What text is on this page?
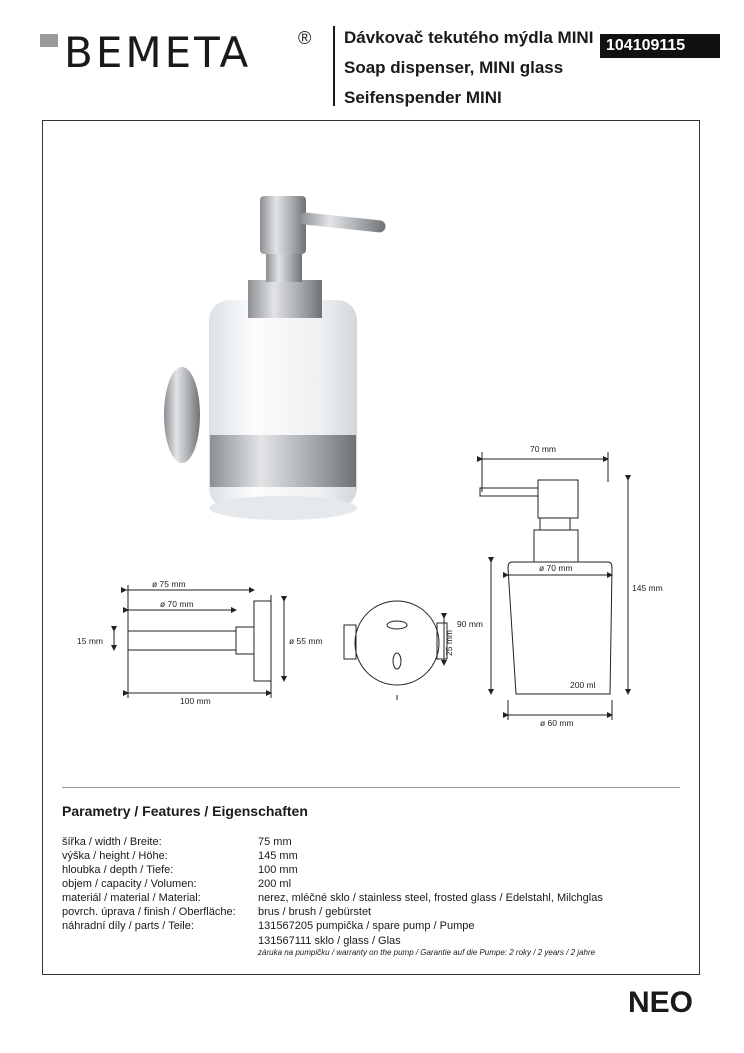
BEMETA	® Dávkovač tekutého mýdla MINI
Soap dispenser, MINI glass
Seifenspender MINI
104109115
ø 75 mm
ø 70 mm
100 mm
15 mm	ø 55 mm	25 mm
70 mm
ø 70 mm
90 mm
145 mm
200 ml
ø 60 mm
Parametry / Features / Eigenschaften
šířka / width / Breite:	75 mm
výška / height / Höhe:	145 mm
hloubka / depth / Tiefe:	100 mm
objem / capacity / Volumen:	200 ml
materiál / material / Material:	nerez, mléčné sklo / stainless steel, frosted glass / Edelstahl, Milchglas
povrch. úprava / finish / Oberfläche: brus / brush / gebürstet
náhradní díly / parts / Teile:	131567205 pumpička / spare pump / Pumpe
131567111 sklo / glass / Glas
záruka na pumpičku / warranty on the pump / Garantie auf die Pumpe: 2 roky / 2 years / 2 jahre
NEO
